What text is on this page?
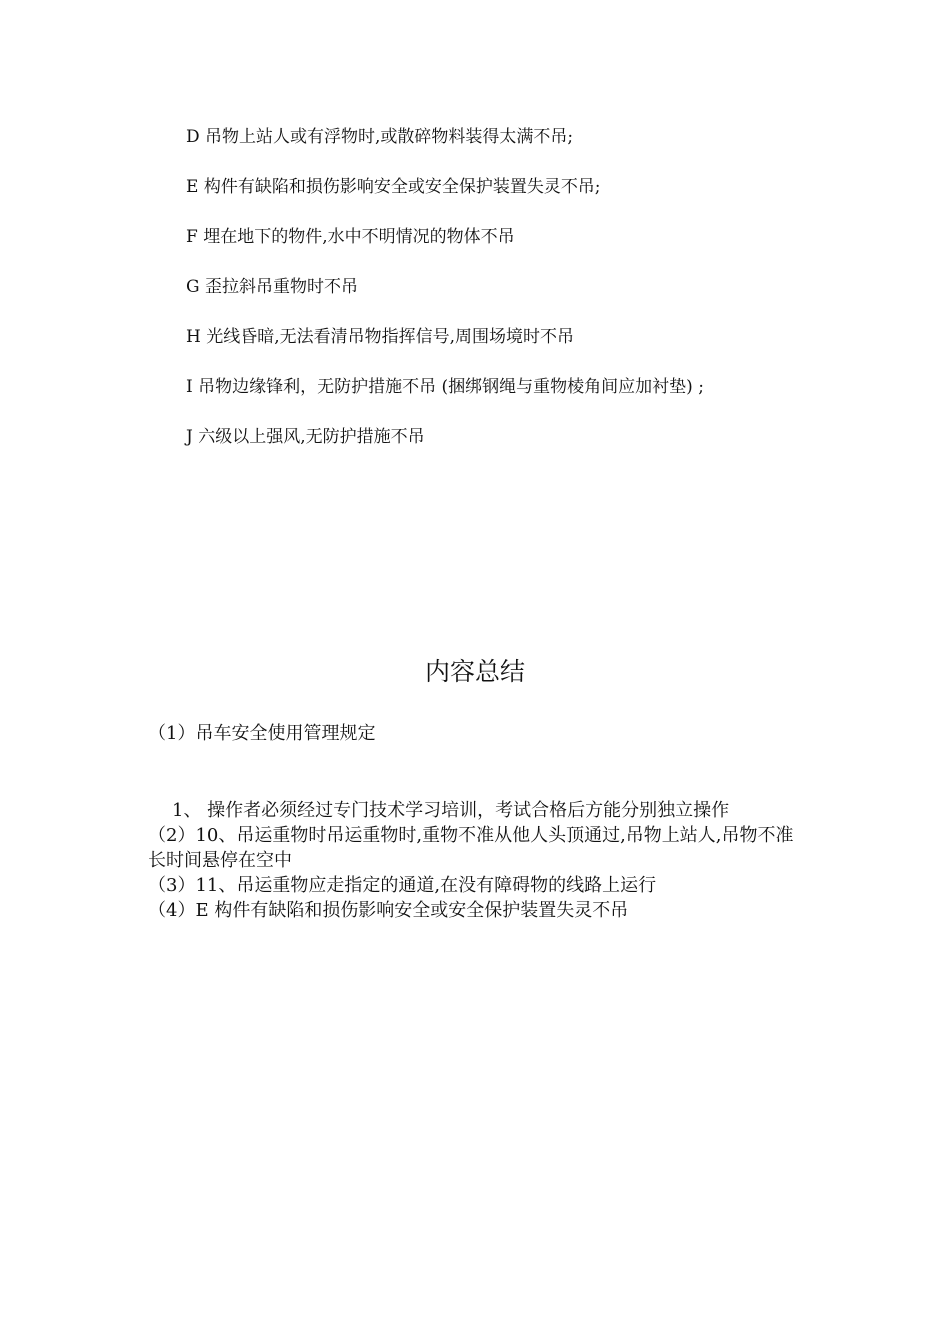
D 吊物上站人或有浮物时,或散碎物料装得太满不吊;
E 构件有缺陷和损伤影响安全或安全保护装置失灵不吊;
F 埋在地下的物件,水中不明情况的物体不吊
G 歪拉斜吊重物时不吊
H 光线昏暗,无法看清吊物指挥信号,周围场境时不吊
I 吊物边缘锋利，无防护措施不吊 (捆绑钢绳与重物棱角间应加衬垫) ;
J 六级以上强风,无防护措施不吊
内容总结

（1）吊车安全使用管理规定

1、 操作者必须经过专门技术学习培训，考试合格后方能分别独立操作

（2）10、吊运重物时吊运重物时,重物不准从他人头顶通过,吊物上站人,吊物不准长时间悬停在空中

（3）11、吊运重物应走指定的通道,在没有障碍物的线路上运行

（4）E 构件有缺陷和损伤影响安全或安全保护装置失灵不吊
